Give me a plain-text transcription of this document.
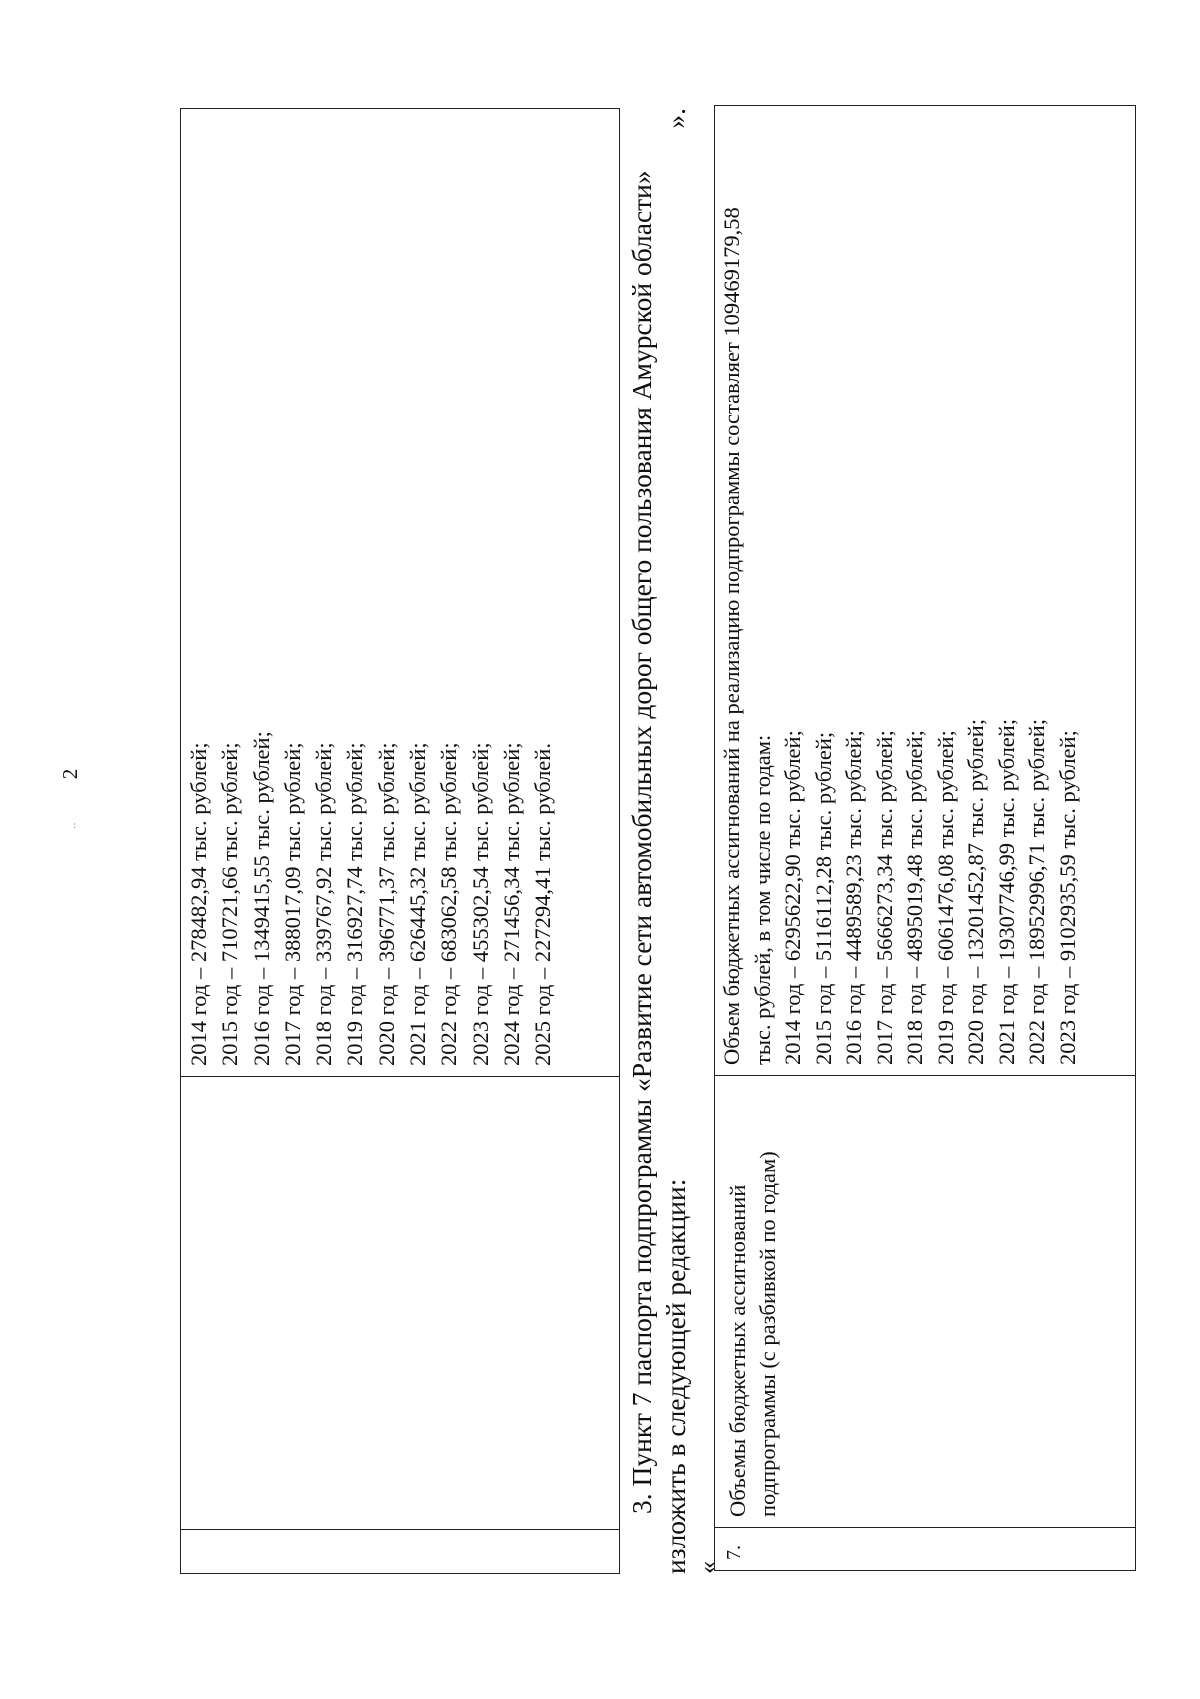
2
⋅⋅	2014 год – 278482,94 тыс. рублей; 2015 год – 710721,66 тыс. рублей; 2016 год – 1349415,55 тыс. рублей; 2017 год – 388017,09 тыс. рублей; 2018 год – 339767,92 тыс. рублей; 2019 год – 316927,74 тыс. рублей; 2020 год – 396771,37 тыс. рублей; 2021 год – 626445,32 тыс. рублей; 2022 год – 683062,58 тыс. рублей; 2023 год – 455302,54 тыс. рублей; 2024 год – 271456,34 тыс. рублей; 2025 год – 227294,41 тыс. рублей.	3. Пункт 7 паспорта подпрограммы «Развитие сети автомобильных дорог общего пользования Амурской области»
».
изложить в следующей редакции: «
7.
Объемы бюджетных ассигнований подпрограммы (с разбивкой по годам)
Объем бюджетных ассигнований на реализацию подпрограммы составляет 109469179,58 тыс. рублей, в том числе по годам: 2014 год – 6295622,90 тыс. рублей; 2015 год – 5116112,28 тыс. рублей; 2016 год – 4489589,23 тыс. рублей; 2017 год – 5666273,34 тыс. рублей; 2018 год – 4895019,48 тыс. рублей; 2019 год – 6061476,08 тыс. рублей; 2020 год – 13201452,87 тыс. рублей; 2021 год – 19307746,99 тыс. рублей; 2022 год – 18952996,71 тыс. рублей; 2023 год – 9102935,59 тыс. рублей;
